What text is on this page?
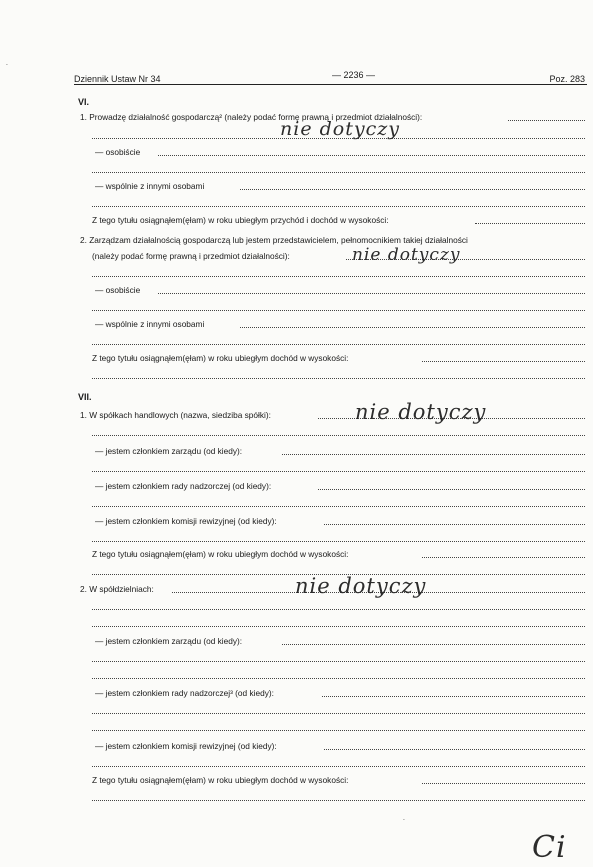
Dziennik Ustaw Nr 34	— 2236 —	Poz. 283
VI.
1. Prowadzę działalność gospodarczą² (należy podać formę prawną i przedmiot działalności):
nie dotyczy
— osobiście
— wspólnie z innymi osobami
Z tego tytułu osiągnąłem(ęłam) w roku ubiegłym przychód i dochód w wysokości:
2. Zarządzam działalnością gospodarczą lub jestem przedstawicielem, pełnomocnikiem takiej działalności
(należy podać formę prawną i przedmiot działalności):	nie dotyczy
— osobiście
— wspólnie z innymi osobami
Z tego tytułu osiągnąłem(ęłam) w roku ubiegłym dochód w wysokości:
VII.
1. W spółkach handlowych (nazwa, siedziba spółki):	nie dotyczy
— jestem członkiem zarządu (od kiedy):
— jestem członkiem rady nadzorczej (od kiedy):
— jestem członkiem komisji rewizyjnej (od kiedy):
Z tego tytułu osiągnąłem(ęłam) w roku ubiegłym dochód w wysokości:
2. W spółdzielniach:	nie dotyczy
— jestem członkiem zarządu (od kiedy):
— jestem członkiem rady nadzorczej³ (od kiedy):
— jestem członkiem komisji rewizyjnej (od kiedy):
Z tego tytułu osiągnąłem(ęłam) w roku ubiegłym dochód w wysokości:
Ci
·
·
